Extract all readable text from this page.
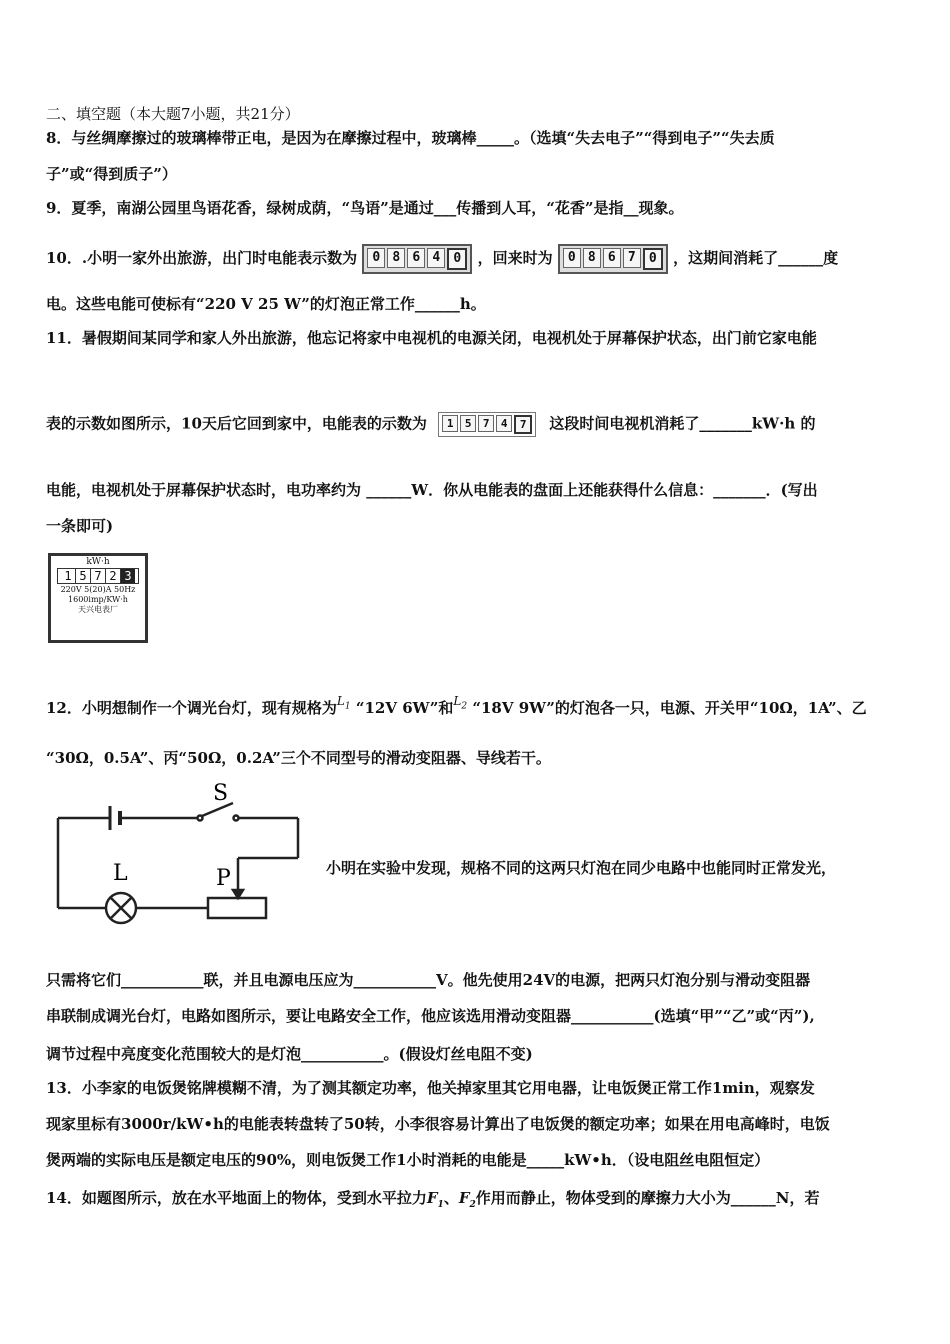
二、填空题（本大题7小题，共21分）
8．与丝绸摩擦过的玻璃棒带正电，是因为在摩擦过程中，玻璃棒_____。（选填“失去电子”“得到电子”“失去质
子”或“得到质子”）
9．夏季，南湖公园里鸟语花香，绿树成荫，“鸟语”是通过___传播到人耳，“花香”是指__现象。
10．.小明一家外出旅游，出门时电能表示数为	0 8 6 4	0	，回来时为	0 8 6 7	0	，这期间消耗了______度
电。这些电能可使标有“220 V 25 W”的灯泡正常工作______h。
11．暑假期间某同学和家人外出旅游，他忘记将家中电视机的电源关闭，电视机处于屏幕保护状态，出门前它家电能
表的示数如图所示，10天后它回到家中，电能表的示数为	1	5	7	4	7	这段时间电视机消耗了_______kW·h 的
电能，电视机处于屏幕保护状态时，电功率约为 ______W．你从电能表的盘面上还能获得什么信息：_______．(写出
一条即可)
kW·h
1 5 7 2 3
220V 5(20)A 50Hz
1600imp/KW·h
天兴电表厂
12．小明想制作一个调光台灯，现有规格为$^{L_1}$ “12V 6W”和$^{L_2}$ “18V 9W”的灯泡各一只，电源、开关甲“10Ω，1A”、乙
“30Ω，0.5A”、丙“50Ω，0.2A”三个不同型号的滑动变阻器、导线若干。
S
L	P	小明在实验中发现，规格不同的这两只灯泡在同少电路中也能同时正常发光，
只需将它们___________联，并且电源电压应为___________V。他先使用24V的电源，把两只灯泡分别与滑动变阻器
串联制成调光台灯，电路如图所示，要让电路安全工作，他应该选用滑动变阻器___________(选填“甲”“乙”或“丙”),
调节过程中亮度变化范围较大的是灯泡___________。(假设灯丝电阻不变)
13．小李家的电饭煲铭牌模糊不清，为了测其额定功率，他关掉家里其它用电器，让电饭煲正常工作1min，观察发
现家里标有3000r/kW•h的电能表转盘转了50转，小李很容易计算出了电饭煲的额定功率；如果在用电高峰时，电饭
煲两端的实际电压是额定电压的90%，则电饭煲工作1小时消耗的电能是_____kW•h．（设电阻丝电阻恒定）
14．如题图所示，放在水平地面上的物体，受到水平拉力$F_1$、$F_2$作用而静止，物体受到的摩擦力大小为______N，若
